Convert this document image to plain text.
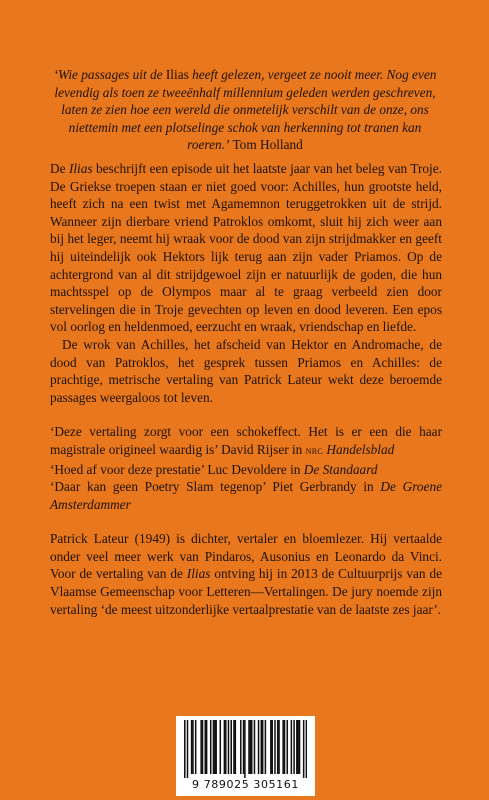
‘Wie passages uit de Ilias heeft gelezen, vergeet ze nooit meer. Nog even levendig als toen ze tweeënhalf millennium geleden werden geschreven, laten ze zien hoe een wereld die onmetelijk verschilt van de onze, ons niettemin met een plotselinge schok van herkenning tot tranen kan roeren.’ Tom Holland

De Ilias beschrijft een episode uit het laatste jaar van het beleg van Troje. De Griekse troepen staan er niet goed voor: Achilles, hun grootste held, heeft zich na een twist met Agamemnon teruggetrokken uit de strijd. Wanneer zijn dierbare vriend Patroklos omkomt, sluit hij zich weer aan bij het leger, neemt hij wraak voor de dood van zijn strijdmakker en geeft hij uiteindelijk ook Hektors lijk terug aan zijn vader Priamos. Op de achtergrond van al dit strijdgewoel zijn er natuurlijk de goden, die hun machtsspel op de Olympos maar al te graag verbeeld zien door stervelingen die in Troje gevechten op leven en dood leveren. Een epos vol oorlog en heldenmoed, eerzucht en wraak, vriendschap en liefde.

De wrok van Achilles, het afscheid van Hektor en Andromache, de dood van Patroklos, het gesprek tussen Priamos en Achilles: de prachtige, metrische vertaling van Patrick Lateur wekt deze beroemde passages weergaloos tot leven.

‘Deze vertaling zorgt voor een schokeffect. Het is er een die haar magistrale origineel waardig is’ David Rijser in nrc Handelsblad

‘Hoed af voor deze prestatie’ Luc Devoldere in De Standaard

‘Daar kan geen Poetry Slam tegenop’ Piet Gerbrandy in De Groene Amsterdammer

Patrick Lateur (1949) is dichter, vertaler en bloemlezer. Hij vertaalde onder veel meer werk van Pindaros, Ausonius en Leonardo da Vinci. Voor de vertaling van de Ilias ontving hij in 2013 de Cultuurprijs van de Vlaamse Gemeenschap voor Letteren—Vertalingen. De jury noemde zijn vertaling ‘de meest uitzonderlijke vertaalprestatie van de laatste zes jaar’.

9 789025 305161
